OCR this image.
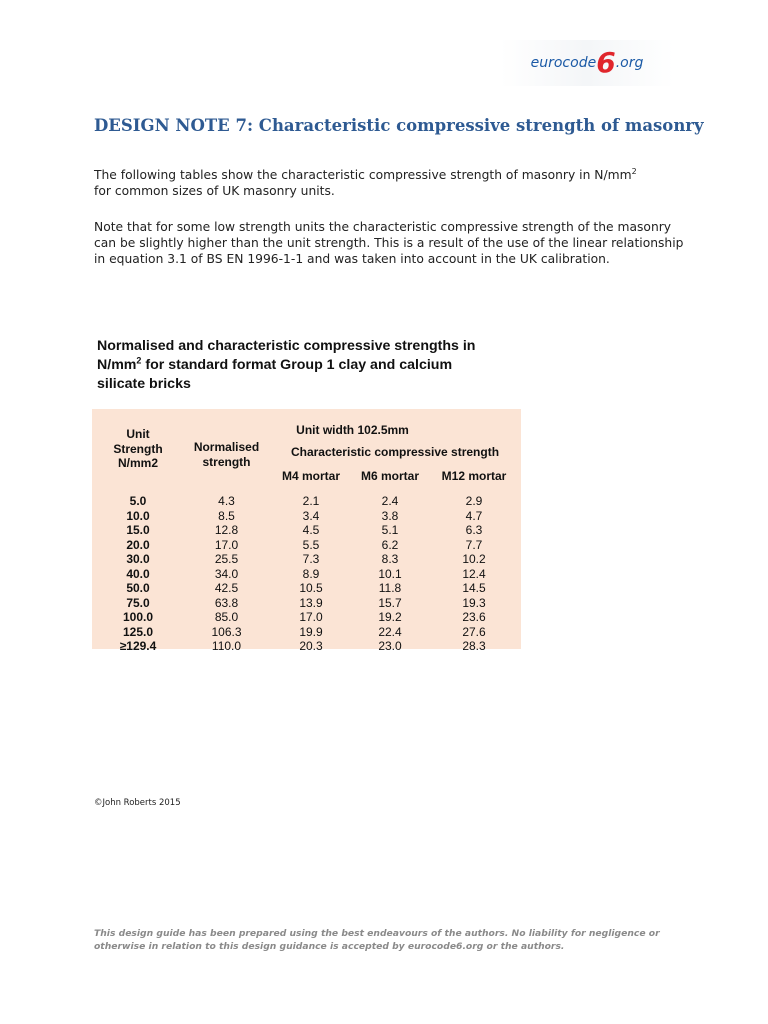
eurocode 6 .org
DESIGN NOTE 7: Characteristic compressive strength of masonry

The following tables show the characteristic compressive strength of masonry in $N/mm^2$
for common sizes of UK masonry units.

Note that for some low strength units the characteristic compressive strength of the masonry
can be slightly higher than the unit strength. This is a result of the use of the linear relationship
in equation 3.1 of BS EN 1996-1-1 and was taken into account in the UK calibration.

Normalised and characteristic compressive strengths in
$N/mm^2$ for standard format Group 1 clay and calcium
silicate bricks
Unit
Strength
N/mm2	Unit width 102.5mm			
	Normalised
strength	Characteristic compressive strength		
		M4 mortar	M6 mortar	M12 mortar

5.0	4.3	2.1	2.4	2.9
10.0	8.5	3.4	3.8	4.7
15.0	12.8	4.5	5.1	6.3
20.0	17.0	5.5	6.2	7.7
30.0	25.5	7.3	8.3	10.2
40.0	34.0	8.9	10.1	12.4
50.0	42.5	10.5	11.8	14.5
75.0	63.8	13.9	15.7	19.3
100.0	85.0	17.0	19.2	23.6
125.0	106.3	19.9	22.4	27.6
≥129.4	110.0	20.3	23.0	28.3
©John Roberts 2015
This design guide has been prepared using the best endeavours of the authors. No liability for negligence or
otherwise in relation to this design guidance is accepted by eurocode6.org or the authors.
